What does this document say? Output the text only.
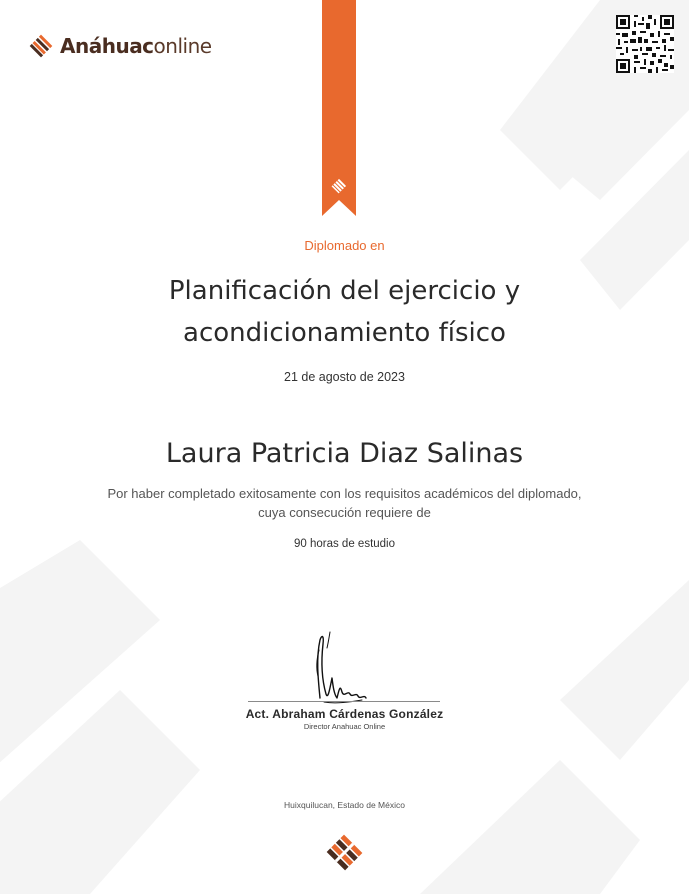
Anáhuaconline
Diplomado en
Planificación del ejercicio y
acondicionamiento físico
21 de agosto de 2023
Laura Patricia Diaz Salinas
Por haber completado exitosamente con los requisitos académicos del diplomado,
cuya consecución requiere de
90 horas de estudio
Act. Abraham Cárdenas González
Director Anahuac Online
Huixquilucan, Estado de México
